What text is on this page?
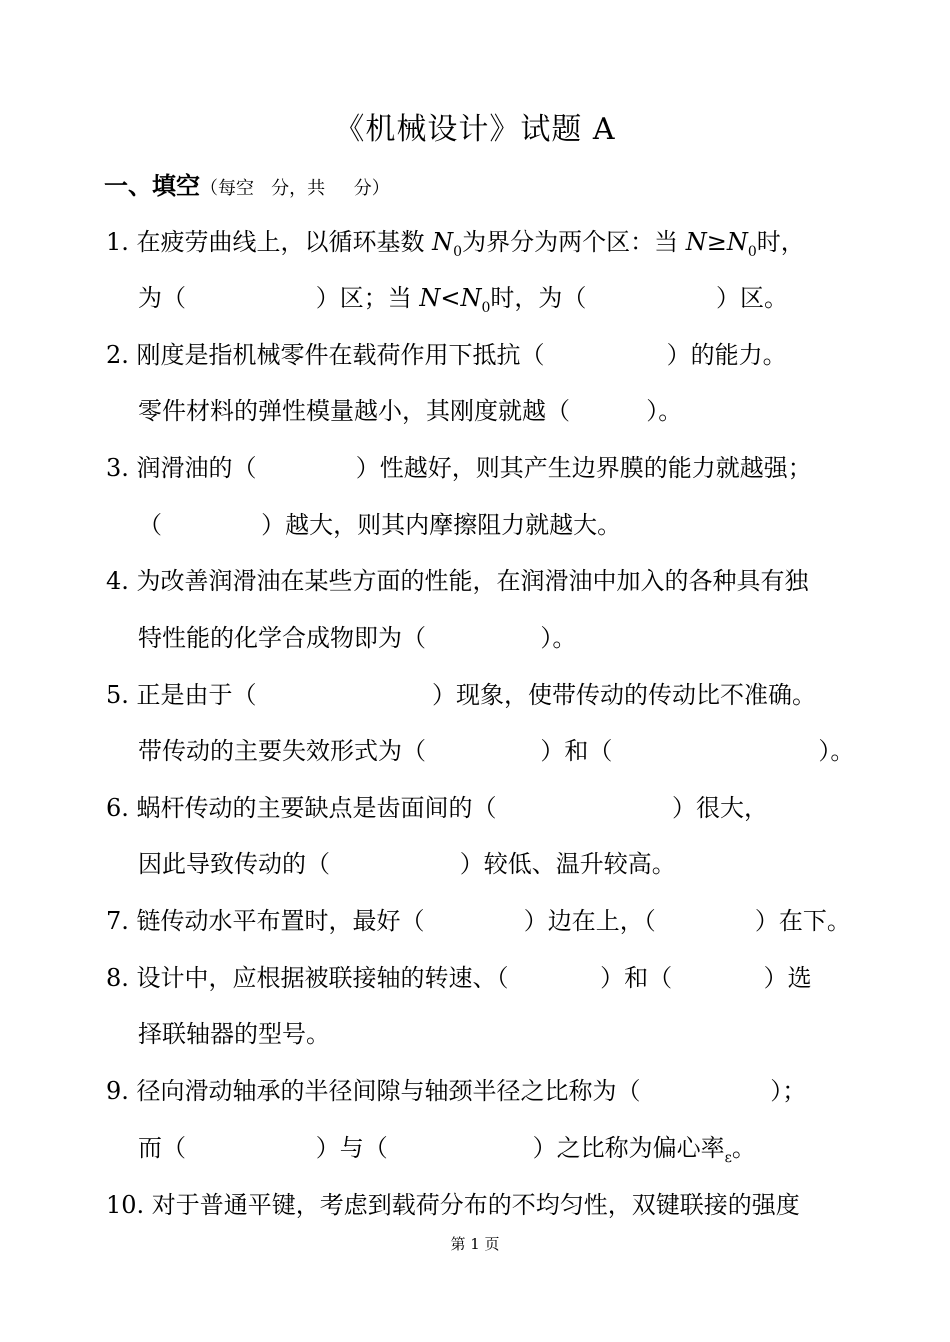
《机械设计》试题 A
一、填空（每空   分，共     分）
1. 在疲劳曲线上，以循环基数 $N_0$为界分为两个区：当 $N\ge N_0$时，
为（                 ）区；当 $N<N_0$时，为（                 ）区。
2. 刚度是指机械零件在载荷作用下抵抗（                ）的能力。
零件材料的弹性模量越小，其刚度就越（          ）。
3. 润滑油的（             ）性越好，则其产生边界膜的能力就越强；
（             ）越大，则其内摩擦阻力就越大。
4. 为改善润滑油在某些方面的性能，在润滑油中加入的各种具有独
特性能的化学合成物即为（               ）。
5. 正是由于（                       ）现象，使带传动的传动比不准确。
带传动的主要失效形式为（               ）和（                           ）。
6. 蜗杆传动的主要缺点是齿面间的（                       ）很大，
因此导致传动的（                 ）较低、温升较高。
7. 链传动水平布置时，最好（             ）边在上，（             ）在下。
8. 设计中，应根据被联接轴的转速、（            ）和（            ）选
择联轴器的型号。
9. 径向滑动轴承的半径间隙与轴颈半径之比称为（                 ）；
而（                 ）与（                   ）之比称为偏心率$_\varepsilon$。
10. 对于普通平键，考虑到载荷分布的不均匀性，双键联接的强度
第 1 页
